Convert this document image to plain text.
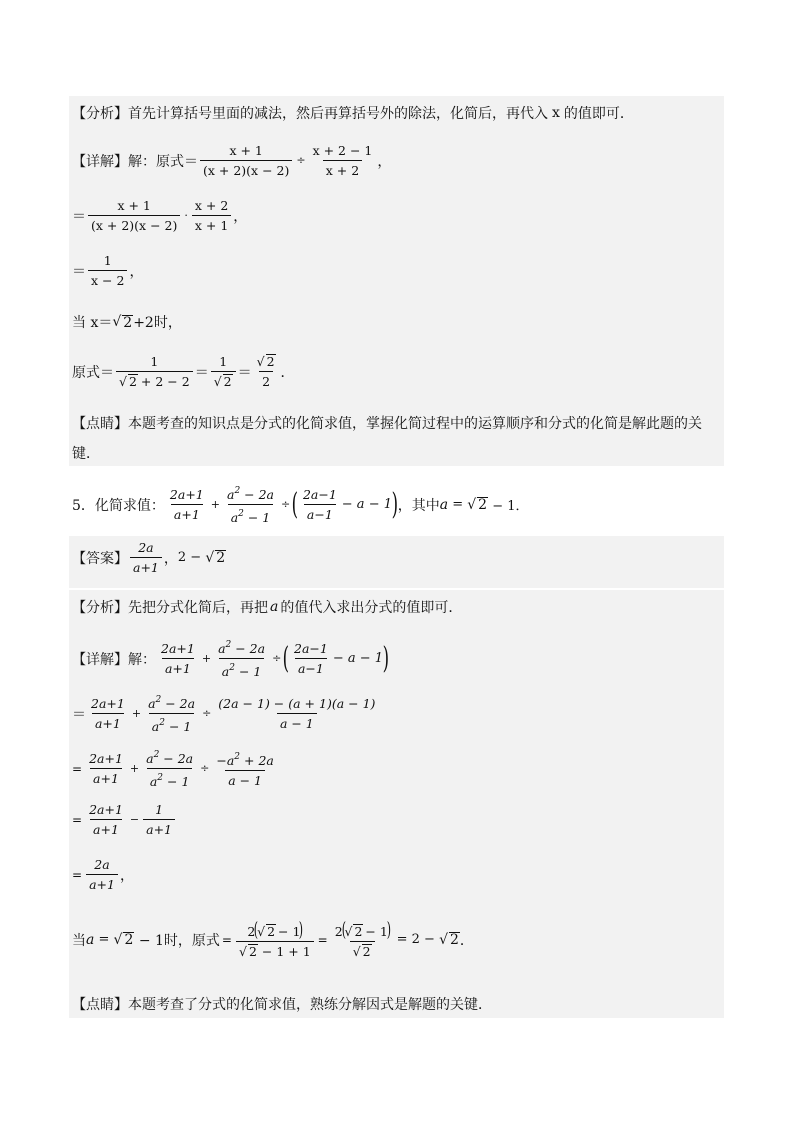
【分析】 首先计算括号里面的减法，然后再算括号外的除法，化简后，再代入 x 的值即可．
【详解】 解：原式＝ $\frac{x + 1}{(x + 2)(x - 2)} \div \frac{x + 2 - 1}{x + 2}$ ，
＝ $\frac{x + 1}{(x + 2)(x - 2)} \cdot \frac{x + 2}{x + 1}$ ，
＝ $\frac{1}{x - 2}$ ，
当 x＝ √ 2 +2时，
原式＝ $\frac{1}{√ 2 + 2 - 2} = \frac{1}{√ 2} = \frac{√ 2}{2}$ ．
【点睛】 本题考查的知识点是分式的化简求值，掌握化简过程中的运算顺序和分式的化简是解此题的关
键．
5． 化简求值： $\frac{2a+1}{a+1} + \frac{a^2 - 2a}{a^2 - 1}$ ÷ ( $\frac{2a-1}{a-1} - a - 1$ ) ，其中 a = √ 2 − 1．
【答案】 $\frac{2a}{a+1}$ ， 2 − √ 2
【分析】 先把分式化简后，再把 a 的值代入求出分式的值即可．
【详解】 解： $\frac{2a+1}{a+1} + \frac{a^2 - 2a}{a^2 - 1}$ ÷ ( $\frac{2a-1}{a-1} - a - 1$ )
＝ $\frac{2a+1}{a+1} + \frac{a^2 - 2a}{a^2 - 1} \div \frac{(2a - 1) - (a + 1)(a - 1)}{a - 1}$
= $\frac{2a+1}{a+1} + \frac{a^2 - 2a}{a^2 - 1} \div \frac{-a^2 + 2a}{a - 1}$
= $\frac{2a+1}{a+1} - \frac{1}{a+1}$
= $\frac{2a}{a+1}$ ，
当 a = √ 2 − 1时，原式 = $\frac{2(√ 2 - 1)}{√ 2 - 1 + 1} = \frac{2(√ 2 - 1)}{√ 2} = 2$ − √ 2 ．
【点睛】 本题考查了分式的化简求值，熟练分解因式是解题的关键．
